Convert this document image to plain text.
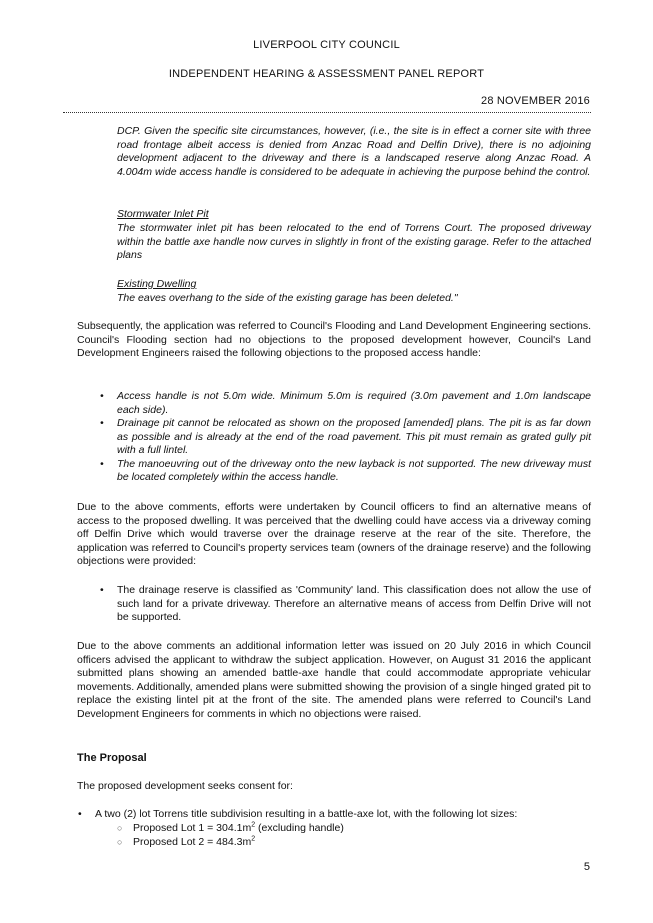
LIVERPOOL CITY COUNCIL
INDEPENDENT HEARING & ASSESSMENT PANEL REPORT
28 NOVEMBER 2016
DCP. Given the specific site circumstances, however, (i.e., the site is in effect a corner site with three road frontage albeit access is denied from Anzac Road and Delfin Drive), there is no adjoining development adjacent to the driveway and there is a landscaped reserve along Anzac Road. A 4.004m wide access handle is considered to be adequate in achieving the purpose behind the control.
Stormwater Inlet Pit
The stormwater inlet pit has been relocated to the end of Torrens Court. The proposed driveway within the battle axe handle now curves in slightly in front of the existing garage. Refer to the attached plans
Existing Dwelling
The eaves overhang to the side of the existing garage has been deleted."

Subsequently, the application was referred to Council's Flooding and Land Development Engineering sections. Council's Flooding section had no objections to the proposed development however, Council's Land Development Engineers raised the following objections to the proposed access handle:

• Access handle is not 5.0m wide. Minimum 5.0m is required (3.0m pavement and 1.0m landscape each side).
• Drainage pit cannot be relocated as shown on the proposed [amended] plans. The pit is as far down as possible and is already at the end of the road pavement. This pit must remain as grated gully pit with a full lintel.
• The manoeuvring out of the driveway onto the new layback is not supported. The new driveway must be located completely within the access handle.

Due to the above comments, efforts were undertaken by Council officers to find an alternative means of access to the proposed dwelling. It was perceived that the dwelling could have access via a driveway coming off Delfin Drive which would traverse over the drainage reserve at the rear of the site. Therefore, the application was referred to Council's property services team (owners of the drainage reserve) and the following objections were provided:

• The drainage reserve is classified as 'Community' land. This classification does not allow the use of such land for a private driveway. Therefore an alternative means of access from Delfin Drive will not be supported.

Due to the above comments an additional information letter was issued on 20 July 2016 in which Council officers advised the applicant to withdraw the subject application. However, on August 31 2016 the applicant submitted plans showing an amended battle-axe handle that could accommodate appropriate vehicular movements. Additionally, amended plans were submitted showing the provision of a single hinged grated pit to replace the existing lintel pit at the front of the site. The amended plans were referred to Council's Land Development Engineers for comments in which no objections were raised.

The Proposal
The proposed development seeks consent for:
• A two (2) lot Torrens title subdivision resulting in a battle-axe lot, with the following lot sizes:
○ Proposed Lot $1 = 304.1m^2$ (excluding handle)
○ Proposed Lot $2 = 484.3m^2$
5
